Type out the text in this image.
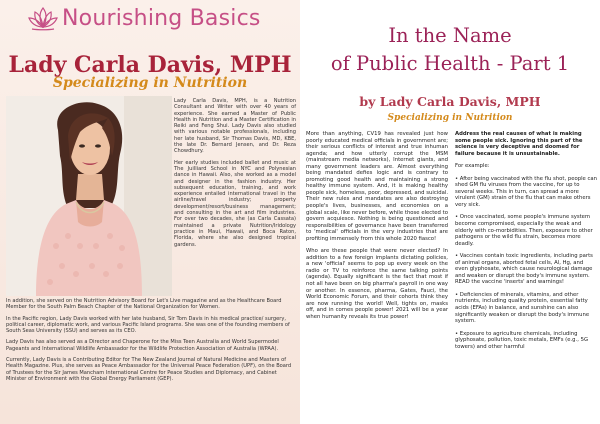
Nourishing Basics
Lady Carla Davis, MPH
Specializing in Nutrition

Lady Carla Davis, MPH, is a Nutrition Consultant and Writer with over 40 years of experience. She earned a Master of Public Health in Nutrition and a Master Certification in Reiki and Feng Shui. Lady Davis also studied with various notable professionals, including her late husband, Sir Thomas Davis, MD, KBE, the late Dr. Bernard Jensen, and Dr. Reza Chowdhury.

Her early studies included ballet and music at The Juilliard School in NYC and Polynesian dance in Hawaii. Also, she worked as a model and designer in the fashion industry. Her subsequent education, training, and work experience entailed international travel in the airline/travel industry; property development/resort/business management; and consulting in the art and film industries. For over two decades, she (as Carla Cassata) maintained a private Nutrition/Iridology practice in Maui, Hawaii, and Boca Raton, Florida, where she also designed tropical gardens.

In addition, she served on the Nutrition Advisory Board for Let's Live magazine and as the Healthcare Board Member for the South Palm Beach Chapter of the National Organization for Women.

In the Pacific region, Lady Davis worked with her late husband, Sir Tom Davis in his medical practice/ surgery, political career, diplomatic work, and various Pacific Island programs. She was one of the founding members of South Seas University (SSU) and serves as its CEO.

Lady Davis has also served as a Director and Chaperone for the Miss Teen Australia and World Supermodel Pageants and International Wildlife Ambassador for the Wildlife Protection Association of Australia (WPAA).

Currently, Lady Davis is a Contributing Editor for The New Zealand Journal of Natural Medicine and Masters of Health Magazine. Plus, she serves as Peace Ambassador for the Universal Peace Federation (UPF), on the Board of Trustees for the Sir James Mancham International Centre for Peace Studies and Diplomacy, and Cabinet Minister of Environment with the Global Energy Parliament (GEP).

In the Name
of Public Health - Part 1
by Lady Carla Davis, MPH
Specializing in Nutrition

More than anything, CV19 has revealed just how poorly educated medical officials in government are; their serious conflicts of interest and true inhuman agenda; and how utterly corrupt the MSM (mainstream media networks), Internet giants, and many government leaders are. Almost everything being mandated defies logic and is contrary to promoting good health and maintaining a strong healthy immune system. And, it is making healthy people sick, homeless, poor, depressed, and suicidal. Their new rules and mandates are also destroying people's lives, businesses, and economies on a global scale, like never before, while those elected to govern acquiesce. Nothing is being questioned and responsibilities of governance have been transferred to 'medical' officials in the very industries that are profiting immensely from this whole 2020 fiasco!

Who are these people that were never elected? In addition to a few foreign implants dictating policies, a new 'official' seems to pop up every week on the radio or TV to reinforce the same talking points (agenda). Equally significant is the fact that most if not all have been on big pharma's payroll in one way or another. In essence, pharma, Gates, Fauci, the World Economic Forum, and their cohorts think they are now running the world! Well, tights on, masks off, and in comes people power! 2021 will be a year when humanity reveals its true power!

Address the real causes of what is making some people sick. Ignoring this part of the science is very deceptive and doomed for failure because it is unsustainable.

For example:

• After being vaccinated with the flu shot, people can shed GM flu viruses from the vaccine, for up to several weeks. This in turn, can spread a more virulent (GM) strain of the flu that can make others very sick.

• Once vaccinated, some people's immune system become compromised, especially the weak and elderly with co-morbidities. Then, exposure to other pathogens or the wild flu strain, becomes more deadly.

• Vaccines contain toxic ingredients, including parts of animal organs, aborted fetal cells, Al, Hg, and even glyphosate, which cause neurological damage and weaken or disrupt the body's immune system. READ the vaccine 'inserts' and warnings!

• Deficiencies of minerals, vitamins, and other nutrients, including quality protein, essential fatty acids (EFAs) in balance, and sunshine can also significantly weaken or disrupt the body's immune system.

• Exposure to agriculture chemicals, including glyphosate, pollution, toxic metals, EMFs (e.g., 5G towers) and other harmful
